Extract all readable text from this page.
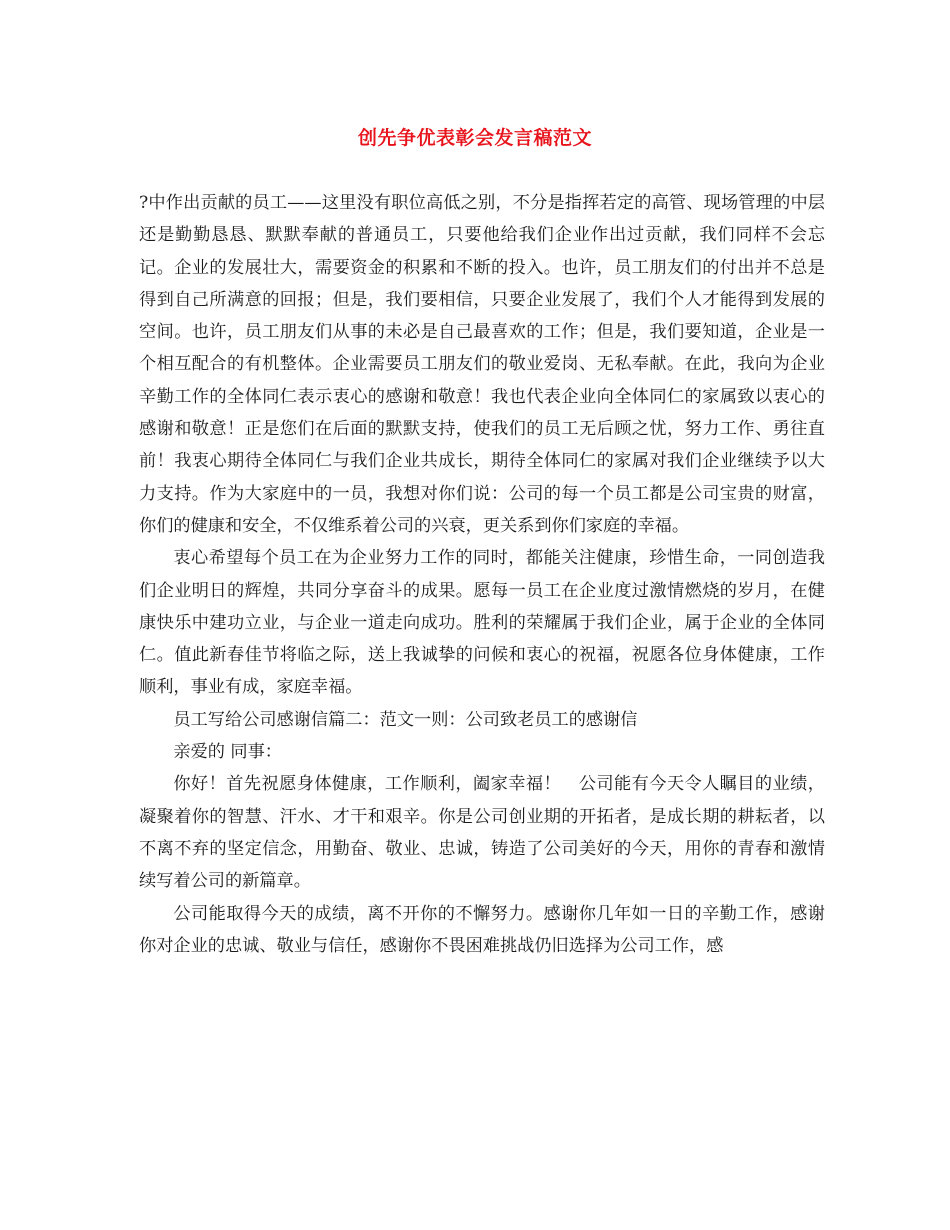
创先争优表彰会发言稿范文

?中作出贡献的员工——这里没有职位高低之别，不分是指挥若定的高管、现场管理的中层还是勤勤恳恳、默默奉献的普通员工，只要他给我们企业作出过贡献，我们同样不会忘记。企业的发展壮大，需要资金的积累和不断的投入。也许，员工朋友们的付出并不总是得到自己所满意的回报；但是，我们要相信，只要企业发展了，我们个人才能得到发展的空间。也许，员工朋友们从事的未必是自己最喜欢的工作；但是，我们要知道，企业是一个相互配合的有机整体。企业需要员工朋友们的敬业爱岗、无私奉献。在此，我向为企业辛勤工作的全体同仁表示衷心的感谢和敬意！我也代表企业向全体同仁的家属致以衷心的感谢和敬意！正是您们在后面的默默支持，使我们的员工无后顾之忧，努力工作、勇往直前！我衷心期待全体同仁与我们企业共成长，期待全体同仁的家属对我们企业继续予以大力支持。作为大家庭中的一员，我想对你们说：公司的每一个员工都是公司宝贵的财富，你们的健康和安全，不仅维系着公司的兴衰，更关系到你们家庭的幸福。

衷心希望每个员工在为企业努力工作的同时，都能关注健康，珍惜生命，一同创造我们企业明日的辉煌，共同分享奋斗的成果。愿每一员工在企业度过激情燃烧的岁月，在健康快乐中建功立业，与企业一道走向成功。胜利的荣耀属于我们企业，属于企业的全体同仁。值此新春佳节将临之际，送上我诚挚的问候和衷心的祝福，祝愿各位身体健康，工作顺利，事业有成，家庭幸福。

员工写给公司感谢信篇二：范文一则：公司致老员工的感谢信

亲爱的 同事：

你好！首先祝愿身体健康，工作顺利，阖家幸福！　公司能有今天令人瞩目的业绩，凝聚着你的智慧、汗水、才干和艰辛。你是公司创业期的开拓者，是成长期的耕耘者，以不离不弃的坚定信念，用勤奋、敬业、忠诚，铸造了公司美好的今天，用你的青春和激情续写着公司的新篇章。

公司能取得今天的成绩，离不开你的不懈努力。感谢你几年如一日的辛勤工作，感谢你对企业的忠诚、敬业与信任，感谢你不畏困难挑战仍旧选择为公司工作，感
